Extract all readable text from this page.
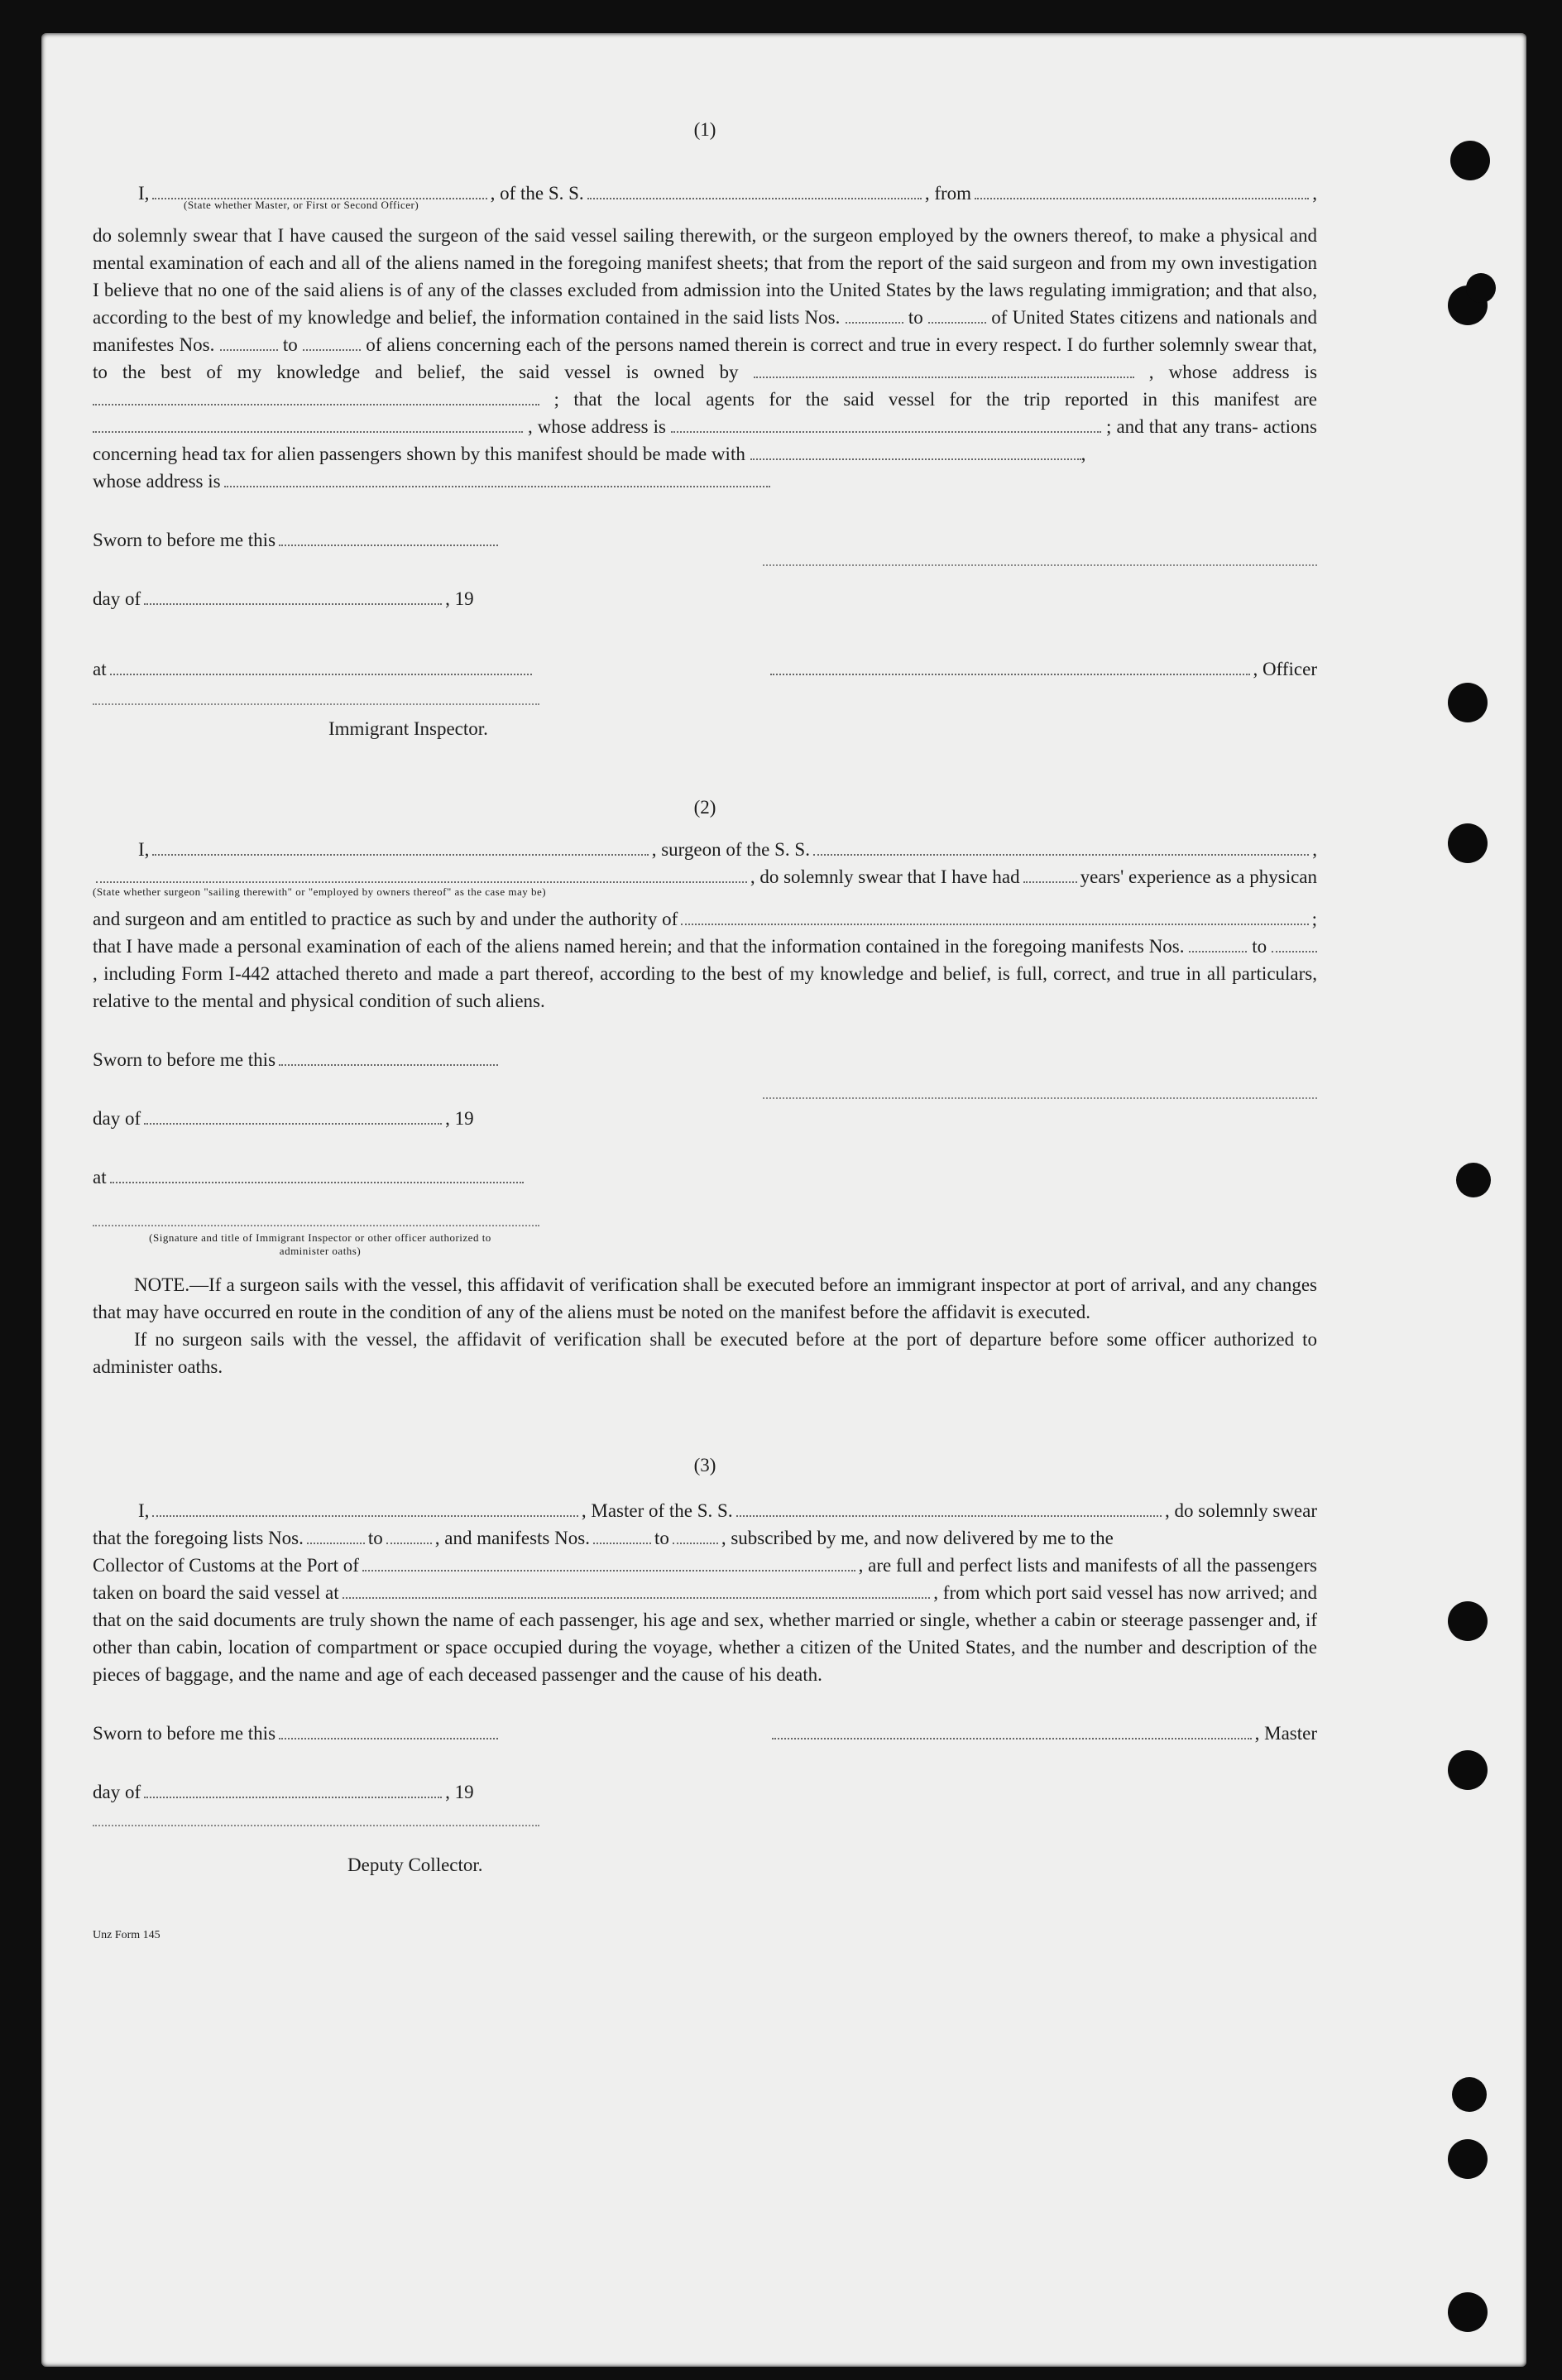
(1)

I,	, of the S. S.	, from	,
(State whether Master, or First or Second Officer)

do solemnly swear that I have caused the surgeon of the said vessel sailing therewith, or the surgeon employed by the owners thereof, to make a physical and mental examination of each and all of the aliens named in the foregoing manifest sheets; that from the report of the said surgeon and from my own investigation I believe that no one of the said aliens is of any of the classes excluded from admission into the United States by the laws regulating immigration; and that also, according to the best of my knowledge and belief, the information contained in the said lists Nos.	to	of United States citizens and nationals and manifestes Nos.	to	of aliens concerning each of the persons named therein is correct and true in every respect. I do further solemnly swear that, to the best of my knowledge and belief, the said vessel is owned by	, whose address is  ; that the local agents for the said vessel for the trip reported in this manifest are  , whose address is	; and that any trans- actions concerning head tax for alien passengers shown by this manifest should be made with	,

whose address is
Sworn to before me this
day of	, 19
at	, Officer
Immigrant Inspector.

(2)

I,	, surgeon of the S. S.	,
, do solemnly swear that I have had	years' experience as a physican
(State whether surgeon "sailing therewith" or "employed by owners thereof" as the case may be)
and surgeon and am entitled to practice as such by and under the authority of	;

that I have made a personal examination of each of the aliens named herein; and that the information contained in the foregoing manifests Nos.	to , including Form I-442 attached thereto and made a part thereof, according to the best of my knowledge and belief, is full, correct, and true in all particulars, relative to the mental and physical condition of such aliens.

Sworn to before me this
day of	, 19
at
(Signature and title of Immigrant Inspector or other officer authorized to administer oaths)

NOTE.—If a surgeon sails with the vessel, this affidavit of verification shall be executed before an immigrant inspector at port of arrival, and any changes that may have occurred en route in the condition of any of the aliens must be noted on the manifest before the affidavit is executed.

If no surgeon sails with the vessel, the affidavit of verification shall be executed before at the port of departure before some officer authorized to administer oaths.

(3)

I,	, Master of the S. S.	, do solemnly swear
that the foregoing lists Nos.	to	, and manifests Nos.	to	, subscribed by me, and now delivered by me to the
Collector of Customs at the Port of	, are full and perfect lists and manifests of all the passengers
taken on board the said vessel at	, from which port said vessel has now arrived; and

that on the said documents are truly shown the name of each passenger, his age and sex, whether married or single, whether a cabin or steerage passenger and, if other than cabin, location of compartment or space occupied during the voyage, whether a citizen of the United States, and the number and description of the pieces of baggage, and the name and age of each deceased passenger and the cause of his death.

Sworn to before me this	, Master
day of	, 19
Deputy Collector.
Unz Form 145
